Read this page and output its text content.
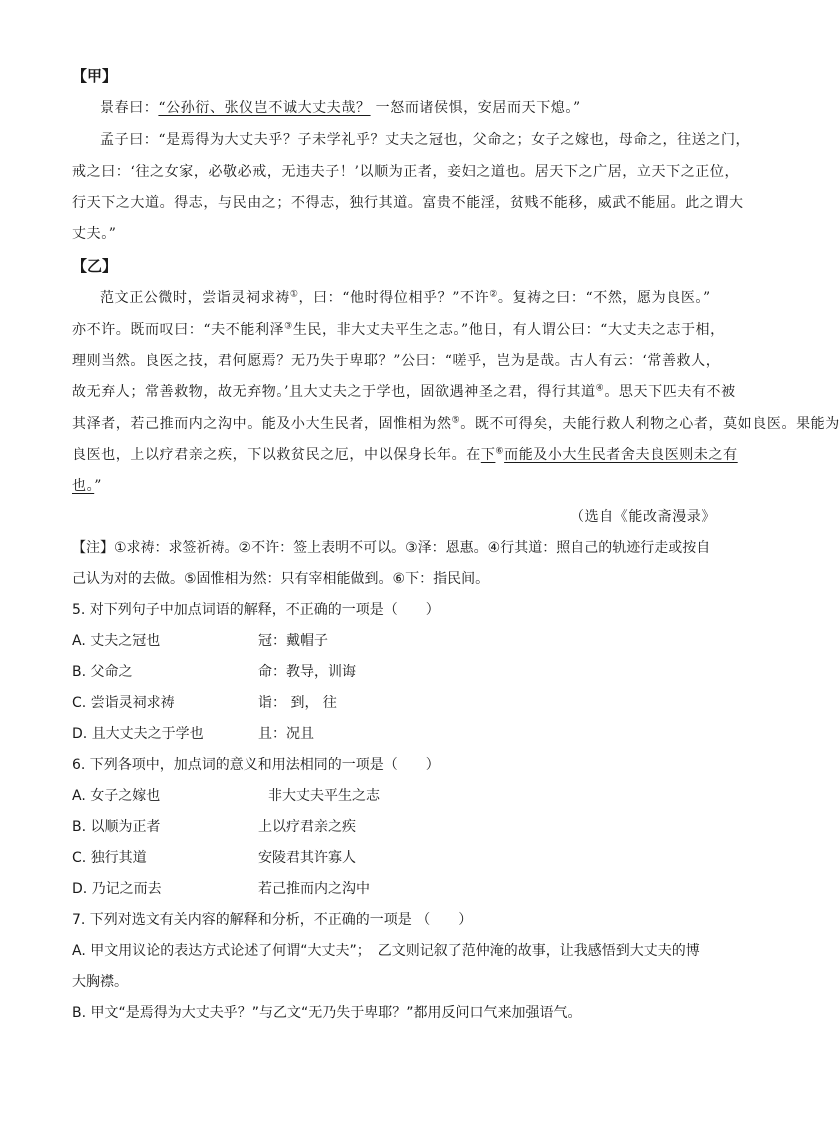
【甲】
景春曰：“公孙衍、张仪岂不诚大丈夫哉？ 一怒而诸侯惧，安居而天下熄。”
孟子曰：“是焉得为大丈夫乎？子未学礼乎？丈夫之冠也，父命之；女子之嫁也，母命之，往送之门，
戒之曰：‘往之女家，必敬必戒，无违夫子！’以顺为正者，妾妇之道也。居天下之广居，立天下之正位，
行天下之大道。得志，与民由之；不得志，独行其道。富贵不能淫，贫贱不能移，威武不能屈。此之谓大
丈夫。”
【乙】
范文正公微时，尝诣灵祠求祷①，曰：“他时得位相乎？”不许②。复祷之曰：“不然，愿为良医。”
亦不许。既而叹曰：“夫不能利泽③生民，非大丈夫平生之志。”他日，有人谓公曰：“大丈夫之志于相，
理则当然。良医之技，君何愿焉？无乃失于卑耶？”公曰：“嗟乎，岂为是哉。古人有云：‘常善救人，
故无弃人；常善救物，故无弃物。’且大丈夫之于学也，固欲遇神圣之君，得行其道④。思天下匹夫有不被
其泽者，若己推而内之沟中。能及小大生民者，固惟相为然⑤。既不可得矣，夫能行救人利物之心者，莫如良医。果能为
良医也，上以疗君亲之疾，下以救贫民之厄，中以保身长年。在下⑥而能及小大生民者舍夫良医则未之有
也。”
（选自《能改斋漫录》
【注】①求祷：求签祈祷。②不许：签上表明不可以。③泽：恩惠。④行其道：照自己的轨迹行走或按自
己认为对的去做。⑤固惟相为然：只有宰相能做到。⑥下：指民间。
5. 对下列句子中加点词语的解释，不正确的一项是（　　）
A. 丈夫之冠也	冠：戴帽子
B. 父命之	命：教导，训诲
C. 尝诣灵祠求祷	诣： 到， 往
D. 且大丈夫之于学也	且：况且
6. 下列各项中，加点词的意义和用法相同的一项是（　　）
A. 女子之嫁也	非大丈夫平生之志
B. 以顺为正者	上以疗君亲之疾
C. 独行其道	安陵君其许寡人
D. 乃记之而去	若己推而内之沟中
7. 下列对选文有关内容的解释和分析，不正确的一项是 （　　）
A. 甲文用议论的表达方式论述了何谓“大丈夫”；　乙文则记叙了范仲淹的故事，让我感悟到大丈夫的博
大胸襟。
B. 甲文“是焉得为大丈夫乎？”与乙文“无乃失于卑耶？”都用反问口气来加强语气。
